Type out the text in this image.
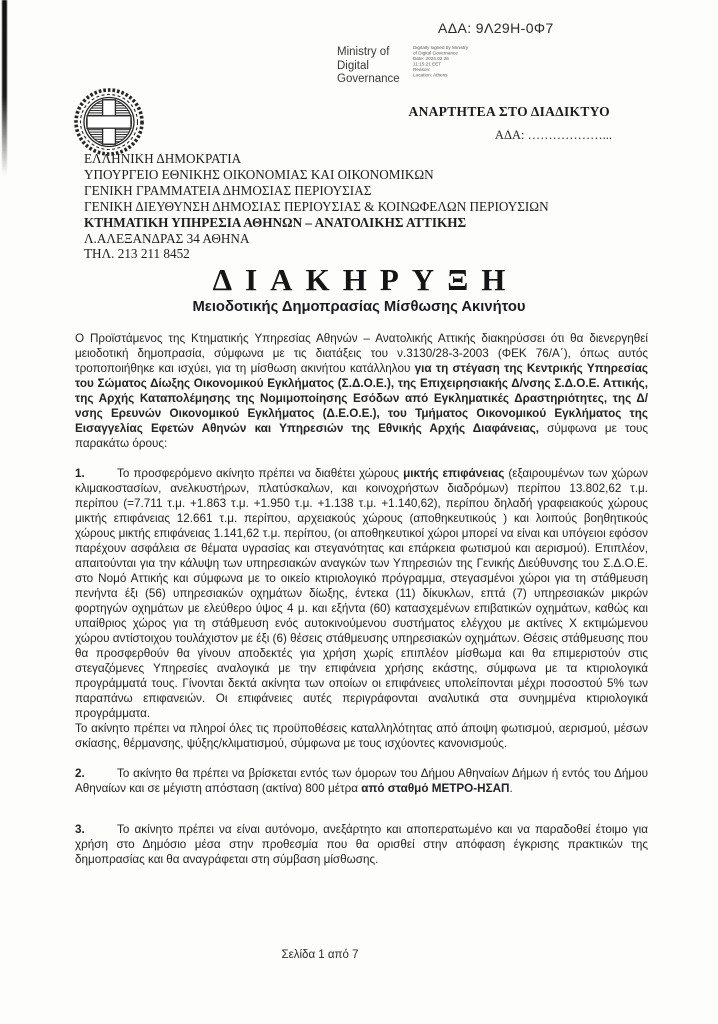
ΑΔΑ: 9Λ29Η-0Φ7
Ministry of
Digital
Governance
Digitally signed by Ministry
of Digital Governance
Date: 2024.02.26
11:15:21 EET
Reason:
Location: Athens
ΑΝΑΡΤΗΤΕΑ ΣΤΟ ΔΙΑΔΙΚΤΥΟ
ΑΔΑ: ………………...
ΕΛΛΗΝΙΚΗ ΔΗΜΟΚΡΑΤΙΑ
ΥΠΟΥΡΓΕΙΟ ΕΘΝΙΚΗΣ ΟΙΚΟΝΟΜΙΑΣ ΚΑΙ ΟΙΚΟΝΟΜΙΚΩΝ
ΓΕΝΙΚΗ ΓΡΑΜΜΑΤΕΙΑ ΔΗΜΟΣΙΑΣ ΠΕΡΙΟΥΣΙΑΣ
ΓΕΝΙΚΗ ΔΙΕΥΘΥΝΣΗ ΔΗΜΟΣΙΑΣ ΠΕΡΙΟΥΣΙΑΣ & ΚΟΙΝΩΦΕΛΩΝ ΠΕΡΙΟΥΣΙΩΝ
ΚΤΗΜΑΤΙΚΗ ΥΠΗΡΕΣΙΑ ΑΘΗΝΩΝ – ΑΝΑΤΟΛΙΚΗΣ ΑΤΤΙΚΗΣ
Λ.ΑΛΕΞΑΝΔΡΑΣ 34 ΑΘΗΝΑ
ΤΗΛ. 213 211 8452
ΔΙΑΚΗΡΥΞΗ
Μειοδοτικής Δημοπρασίας Μίσθωσης Ακινήτου
Ο Προϊστάμενος της Κτηματικής Υπηρεσίας Αθηνών – Ανατολικής Αττικής διακηρύσσει ότι θα διενεργηθεί μειοδοτική δημοπρασία, σύμφωνα με τις διατάξεις του ν.3130/28-3-2003 (ΦΕΚ 76/Α΄), όπως αυτός τροποποιήθηκε και ισχύει, για τη μίσθωση ακινήτου κατάλληλου για τη στέγαση της Κεντρικής Υπηρεσίας του Σώματος Δίωξης Οικονομικού Εγκλήματος (Σ.Δ.Ο.Ε.), της Επιχειρησιακής Δ/νσης Σ.Δ.Ο.Ε. Αττικής, της Αρχής Καταπολέμησης της Νομιμοποίησης Εσόδων από Εγκληματικές Δραστηριότητες, της Δ/νσης Ερευνών Οικονομικού Εγκλήματος (Δ.Ε.Ο.Ε.), του Τμήματος Οικονομικού Εγκλήματος της Εισαγγελίας Εφετών Αθηνών και Υπηρεσιών της Εθνικής Αρχής Διαφάνειας, σύμφωνα με τους παρακάτω όρους:
1.	Το προσφερόμενο ακίνητο πρέπει να διαθέτει χώρους μικτής επιφάνειας (εξαιρουμένων των χώρων κλιμακοστασίων, ανελκυστήρων, πλατύσκαλων, και κοινοχρήστων διαδρόμων) περίπου 13.802,62 τ.μ. περίπου (=7.711 τ.μ. +1.863 τ.μ. +1.950 τ.μ. +1.138 τ.μ. +1.140,62), περίπου δηλαδή γραφειακούς χώρους μικτής επιφάνειας 12.661 τ.μ. περίπου, αρχειακούς χώρους (αποθηκευτικούς ) και λοιπούς βοηθητικούς χώρους μικτής επιφάνειας 1.141,62 τ.μ. περίπου, (οι αποθηκευτικοί χώροι μπορεί να είναι και υπόγειοι εφόσον παρέχουν ασφάλεια σε θέματα υγρασίας και στεγανότητας και επάρκεια φωτισμού και αερισμού). Επιπλέον, απαιτούνται για την κάλυψη των υπηρεσιακών αναγκών των Υπηρεσιών της Γενικής Διεύθυνσης του Σ.Δ.Ο.Ε. στο Νομό Αττικής και σύμφωνα με το οικείο κτιριολογικό πρόγραμμα, στεγασμένοι χώροι για τη στάθμευση πενήντα έξι (56) υπηρεσιακών οχημάτων δίωξης, έντεκα (11) δίκυκλων, επτά (7) υπηρεσιακών μικρών φορτηγών οχημάτων με ελεύθερο ύψος 4 μ. και εξήντα (60) κατασχεμένων επιβατικών οχημάτων, καθώς και υπαίθριος χώρος για τη στάθμευση ενός αυτοκινούμενου συστήματος ελέγχου με ακτίνες Χ εκτιμώμενου χώρου αντίστοιχου τουλάχιστον με έξι (6) θέσεις στάθμευσης υπηρεσιακών οχημάτων. Θέσεις στάθμευσης που θα προσφερθούν θα γίνουν αποδεκτές για χρήση χωρίς επιπλέον μίσθωμα και θα επιμεριστούν στις στεγαζόμενες Υπηρεσίες αναλογικά με την επιφάνεια χρήσης εκάστης, σύμφωνα με τα κτιριολογικά προγράμματά τους. Γίνονται δεκτά ακίνητα των οποίων οι επιφάνειες υπολείπονται μέχρι ποσοστού 5% των παραπάνω επιφανειών. Οι επιφάνειες αυτές περιγράφονται αναλυτικά στα συνημμένα κτιριολογικά προγράμματα.
Το ακίνητο πρέπει να πληροί όλες τις προϋποθέσεις καταλληλότητας από άποψη φωτισμού, αερισμού, μέσων σκίασης, θέρμανσης, ψύξης/κλιματισμού, σύμφωνα με τους ισχύοντες κανονισμούς.
2.	Το ακίνητο θα πρέπει να βρίσκεται εντός των όμορων του Δήμου Αθηναίων Δήμων ή εντός του Δήμου Αθηναίων και σε μέγιστη απόσταση (ακτίνα) 800 μέτρα από σταθμό ΜΕΤΡΟ-ΗΣΑΠ.
3.	Το ακίνητο πρέπει να είναι αυτόνομο, ανεξάρτητο και αποπερατωμένο και να παραδοθεί έτοιμο για χρήση στο Δημόσιο μέσα στην προθεσμία που θα ορισθεί στην απόφαση έγκρισης πρακτικών της δημοπρασίας και θα αναγράφεται στη σύμβαση μίσθωσης.
Σελίδα 1 από 7
